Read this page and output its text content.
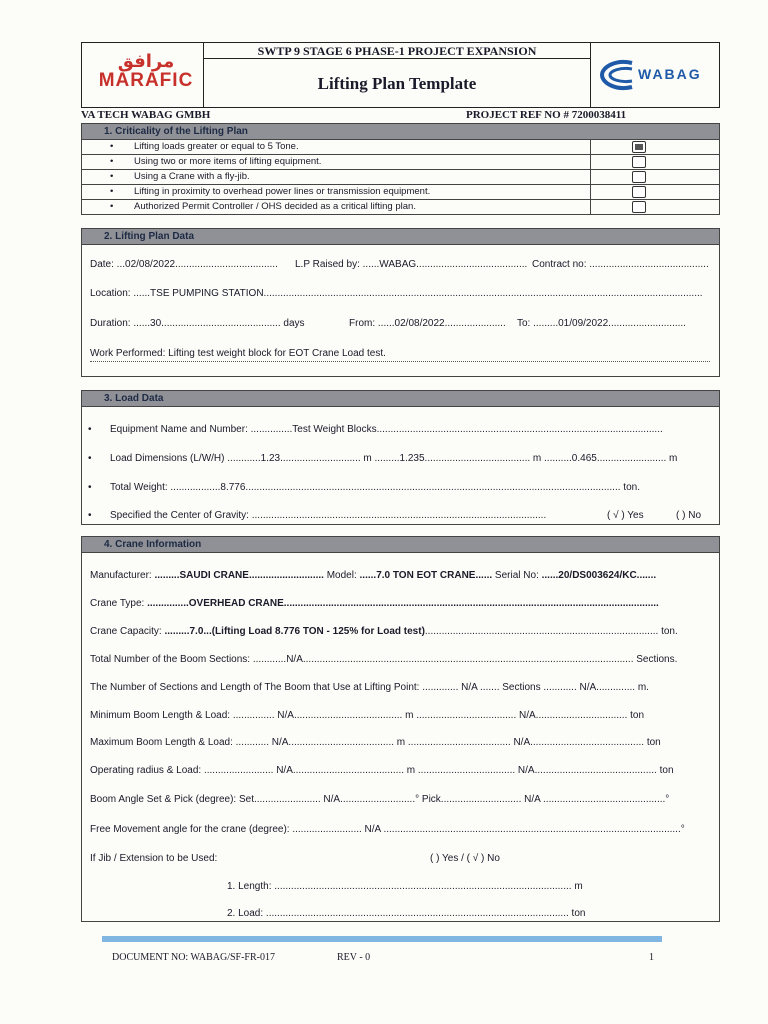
مرافق
MARAFIC
SWTP 9 STAGE 6 PHASE-1 PROJECT EXPANSION
Lifting Plan Template	WABAG
VA TECH WABAG GMBH	PROJECT REF NO # 7200038411
1. Criticality of the Lifting Plan
• Lifting loads greater or equal to 5 Tone.
• Using two or more items of lifting equipment.
• Using a Crane with a fly-jib.
• Lifting in proximity to overhead power lines or transmission equipment.
• Authorized Permit Controller / OHS decided as a critical lifting plan.
2. Lifting Plan Data
Date: ...02/08/2022..................................... L.P Raised by: ......WABAG........................................ Contract no: ...........................................
Location: ......TSE PUMPING STATION..............................................................................................................................................................
Duration: ......30........................................... days	From: ......02/08/2022...................... To: .........01/09/2022............................
Work Performed: Lifting test weight block for EOT Crane Load test.
3. Load Data
• Equipment Name and Number: ...............Test Weight Blocks.......................................................................................................
• Load Dimensions (L/W/H) ............1.23............................. m .........1.235...................................... m ..........0.465......................... m
• Total Weight: ..................8.776....................................................................................................................................... ton.
• Specified the Center of Gravity: ..........................................................................................................	( √ ) Yes	( ) No
4. Crane Information
Manufacturer: .........SAUDI CRANE........................... Model: ......7.0 TON EOT CRANE...... Serial No: ......20/DS003624/KC.......
Crane Type: ...............OVERHEAD CRANE.......................................................................................................................................
Crane Capacity: .........7.0...(Lifting Load 8.776 TON - 125% for Load test).................................................................................... ton.
Total Number of the Boom Sections: ............N/A....................................................................................................................... Sections.
The Number of Sections and Length of The Boom that Use at Lifting Point: ............. N/A ....... Sections ............ N/A.............. m.
Minimum Boom Length & Load: ............... N/A....................................... m .................................... N/A................................. ton
Maximum Boom Length & Load: ............ N/A...................................... m ..................................... N/A......................................... ton
Operating radius & Load: ......................... N/A........................................ m ................................... N/A............................................ ton
Boom Angle Set & Pick (degree): Set........................ N/A...........................° Pick............................. N/A ............................................°
Free Movement angle for the crane (degree): ......................... N/A ...........................................................................................................°
If Jib / Extension to be Used:	( ) Yes / ( √ ) No
1. Length: ........................................................................................................... m
2. Load: ............................................................................................................. ton
DOCUMENT NO: WABAG/SF-FR-017	REV - 0	1
